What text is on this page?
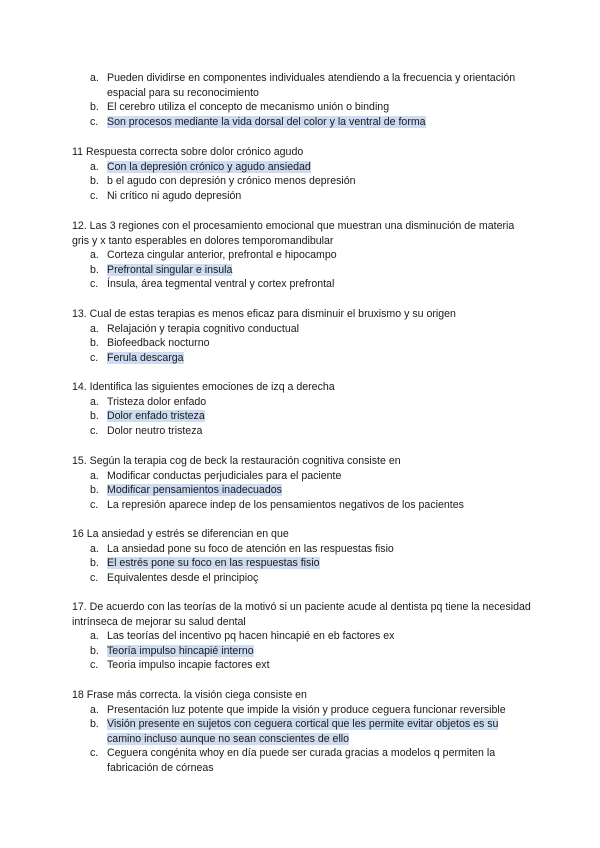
a. Pueden dividirse en componentes individuales atendiendo a la frecuencia y orientación espacial para su reconocimiento
b. El cerebro utiliza el concepto de mecanismo unión o binding
c. Son procesos mediante la vida dorsal del color y la ventral de forma
11 Respuesta correcta sobre dolor crónico agudo
a. Con la depresión crónico y agudo ansiedad
b. b el agudo con depresión y crónico menos depresión
c. Ni crítico ni agudo depresión
12. Las 3 regiones con el procesamiento emocional que muestran una disminución de materia gris y x tanto esperables en dolores temporomandibular
a. Corteza cingular anterior, prefrontal e hipocampo
b. Prefrontal singular e insula
c. Ínsula, área tegmental ventral y cortex prefrontal
13. Cual de estas terapias es menos eficaz para disminuir el bruxismo y su origen
a. Relajación y terapia cognitivo conductual
b. Biofeedback nocturno
c. Ferula descarga
14. Identifica las siguientes emociones de izq a derecha
a. Tristeza dolor enfado
b. Dolor enfado tristeza
c. Dolor neutro tristeza
15. Según la terapia cog de beck la restauración cognitiva consiste en
a. Modificar conductas perjudiciales para el paciente
b. Modificar pensamientos inadecuados
c. La represión aparece indep de los pensamientos negativos de los pacientes
16 La ansiedad y estrés se diferencian en que
a. La ansiedad pone su foco de atención en las respuestas fisio
b. El estrés pone su foco en las respuestas fisio
c. Equivalentes desde el principioç
17. De acuerdo con las teorías de la motivó si un paciente acude al dentista pq tiene la necesidad intrínseca de mejorar su salud dental
a. Las teorías del incentivo pq hacen hincapié en eb factores ex
b. Teoría impulso hincapié interno
c. Teoria impulso incapie factores ext
18 Frase más correcta. la visión ciega consiste en
a. Presentación luz potente que impide la visión y produce ceguera funcionar reversible
b. Visión presente en sujetos con ceguera cortical que les permite evitar objetos es su camino incluso aunque no sean conscientes de ello
c. Ceguera congénita whoy en día puede ser curada gracias a modelos q permiten la fabricación de córneas
